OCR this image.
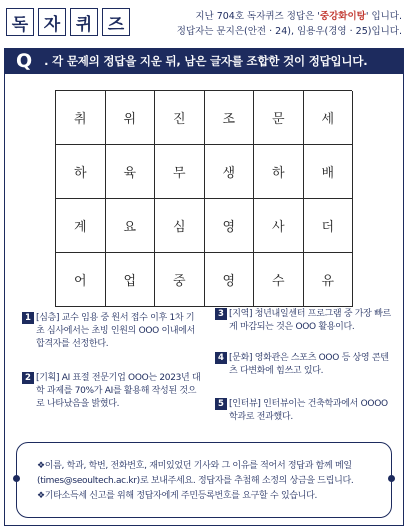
독 자 퀴 즈	지난 704호 독자퀴즈 정답은 '중강화이탕' 입니다.
정답자는 문지은(안전 · 24), 임용우(경영 · 25)입니다.
Q . 각 문제의 정답을 지운 뒤, 남은 글자를 조합한 것이 정답입니다.
취	위	진	조	문	세
하	육	무	생	하	배
계	요	심	영	사	더
어	업	중	영	수	유
1 [심층] 교수 임용 중 원서 접수 이후 1차 기초 심사에서는 초빙 인원의 OOO 이내에서 합격자를 선정한다.
2 [기획] AI 표절 전문기업 OOO는 2023년 대학 과제를 70%가 AI를 활용해 작성된 것으로 나타났음을 밝혔다.
3 [지역] 청년내일센터 프로그램 중 가장 빠르게 마감되는 것은 OOO 활용이다.
4 [문화] 영화관은 스포츠 OOO 등 상영 콘텐츠 다변화에 힘쓰고 있다.
5 [인터뷰] 인터뷰이는 건축학과에서 OOOO학과로 전과했다.
❖이름, 학과, 학번, 전화번호, 재미있었던 기사와 그 이유를 적어서 정답과 함께 메일(times@seoultech.ac.kr)로 보내주세요. 정답자를 추첨해 소정의 상금을 드립니다.
❖기타소득세 신고를 위해 정답자에게 주민등록번호를 요구할 수 있습니다.
